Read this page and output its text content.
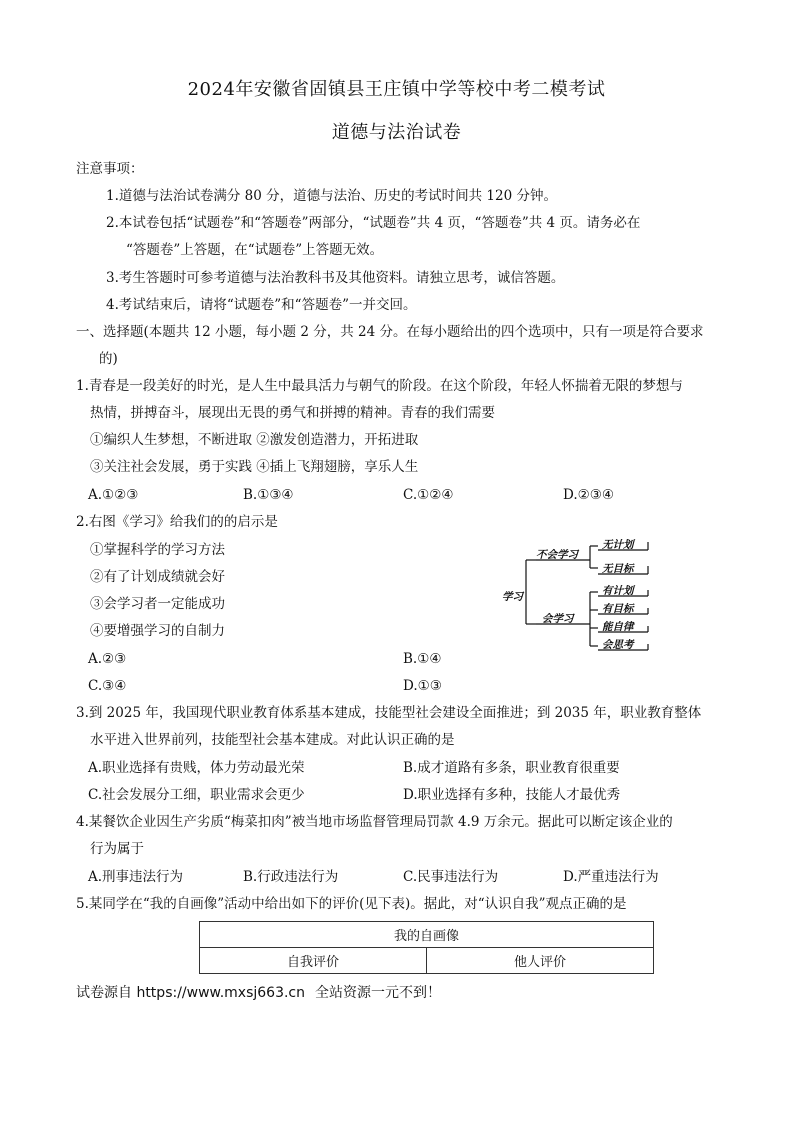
2024年安徽省固镇县王庄镇中学等校中考二模考试
道德与法治试卷
注意事项：
1.道德与法治试卷满分 80 分，道德与法治、历史的考试时间共 120 分钟。
2.本试卷包括“试题卷”和“答题卷”两部分，“试题卷”共 4 页，“答题卷”共 4 页。请务必在
“答题卷”上答题，在“试题卷”上答题无效。
3.考生答题时可参考道德与法治教科书及其他资料。请独立思考，诚信答题。
4.考试结束后，请将“试题卷”和“答题卷”一并交回。
一、选择题(本题共 12 小题，每小题 2 分，共 24 分。在每小题给出的四个选项中，只有一项是符合要求
的)
1.青春是一段美好的时光，是人生中最具活力与朝气的阶段。在这个阶段，年轻人怀揣着无限的梦想与
热情，拼搏奋斗，展现出无畏的勇气和拼搏的精神。青春的我们需要
①编织人生梦想，不断进取 ②激发创造潜力，开拓进取
③关注社会发展，勇于实践 ④插上飞翔翅膀，享乐人生
A.①②③	B.①③④	C.①②④	D.②③④
2.右图《学习》给我们的的启示是
①掌握科学的学习方法
②有了计划成绩就会好
③会学习者一定能成功
④要增强学习的自制力
A.②③	B.①④
C.③④	D.①③
学习
不会学习
会学习
无计划
无目标
有计划
有目标
能自律
会思考
3.到 2025 年，我国现代职业教育体系基本建成，技能型社会建设全面推进；到 2035 年，职业教育整体
水平进入世界前列，技能型社会基本建成。对此认识正确的是
A.职业选择有贵贱，体力劳动最光荣	B.成才道路有多条，职业教育很重要
C.社会发展分工细，职业需求会更少	D.职业选择有多种，技能人才最优秀
4.某餐饮企业因生产劣质“梅菜扣肉”被当地市场监督管理局罚款 4.9 万余元。据此可以断定该企业的
行为属于
A.刑事违法行为	B.行政违法行为	C.民事违法行为	D.严重违法行为
5.某同学在“我的自画像”活动中给出如下的评价(见下表)。据此，对“认识自我”观点正确的是
我的自画像
自我评价	他人评价
试卷源自 https://www.mxsj663.cn 全站资源一元不到！
